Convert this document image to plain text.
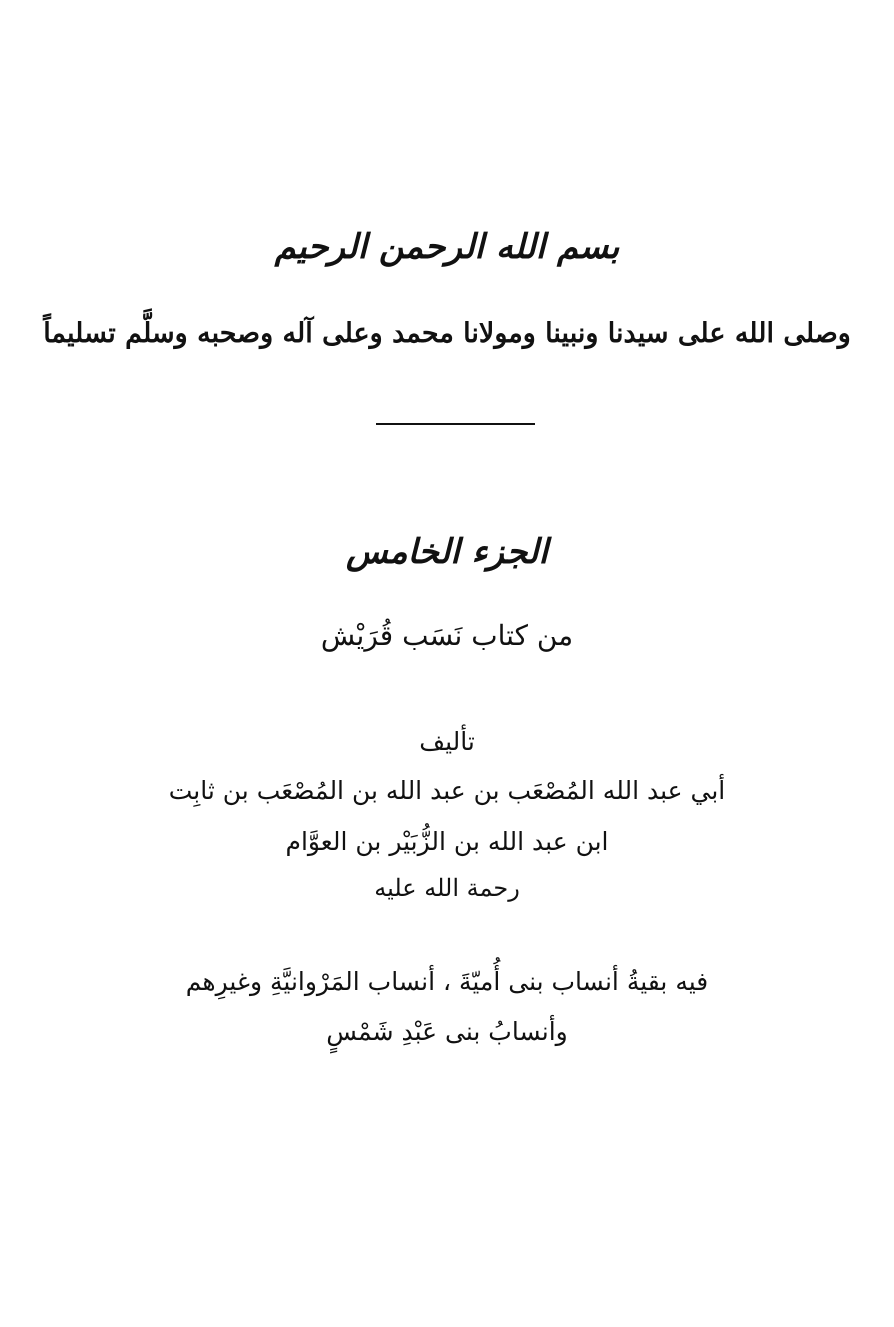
بسم الله الرحمن الرحيم
وصلى الله على سيدنا ونبينا ومولانا محمد وعلى آله وصحبه وسلَّم تسليماً
الجزء الخامس
من كتاب نَسَب قُرَيْش
تأليف
أبي عبد الله المُصْعَب بن عبد الله بن المُصْعَب بن ثابِت
ابن عبد الله بن الزُّبَيْر بن العوَّام
رحمة الله عليه
فيه بقيةُ أنساب بنى أُميّةَ ، أنساب المَرْوانيَّةِ وغيرِهم
وأنسابُ بنى عَبْدِ شَمْسٍ
